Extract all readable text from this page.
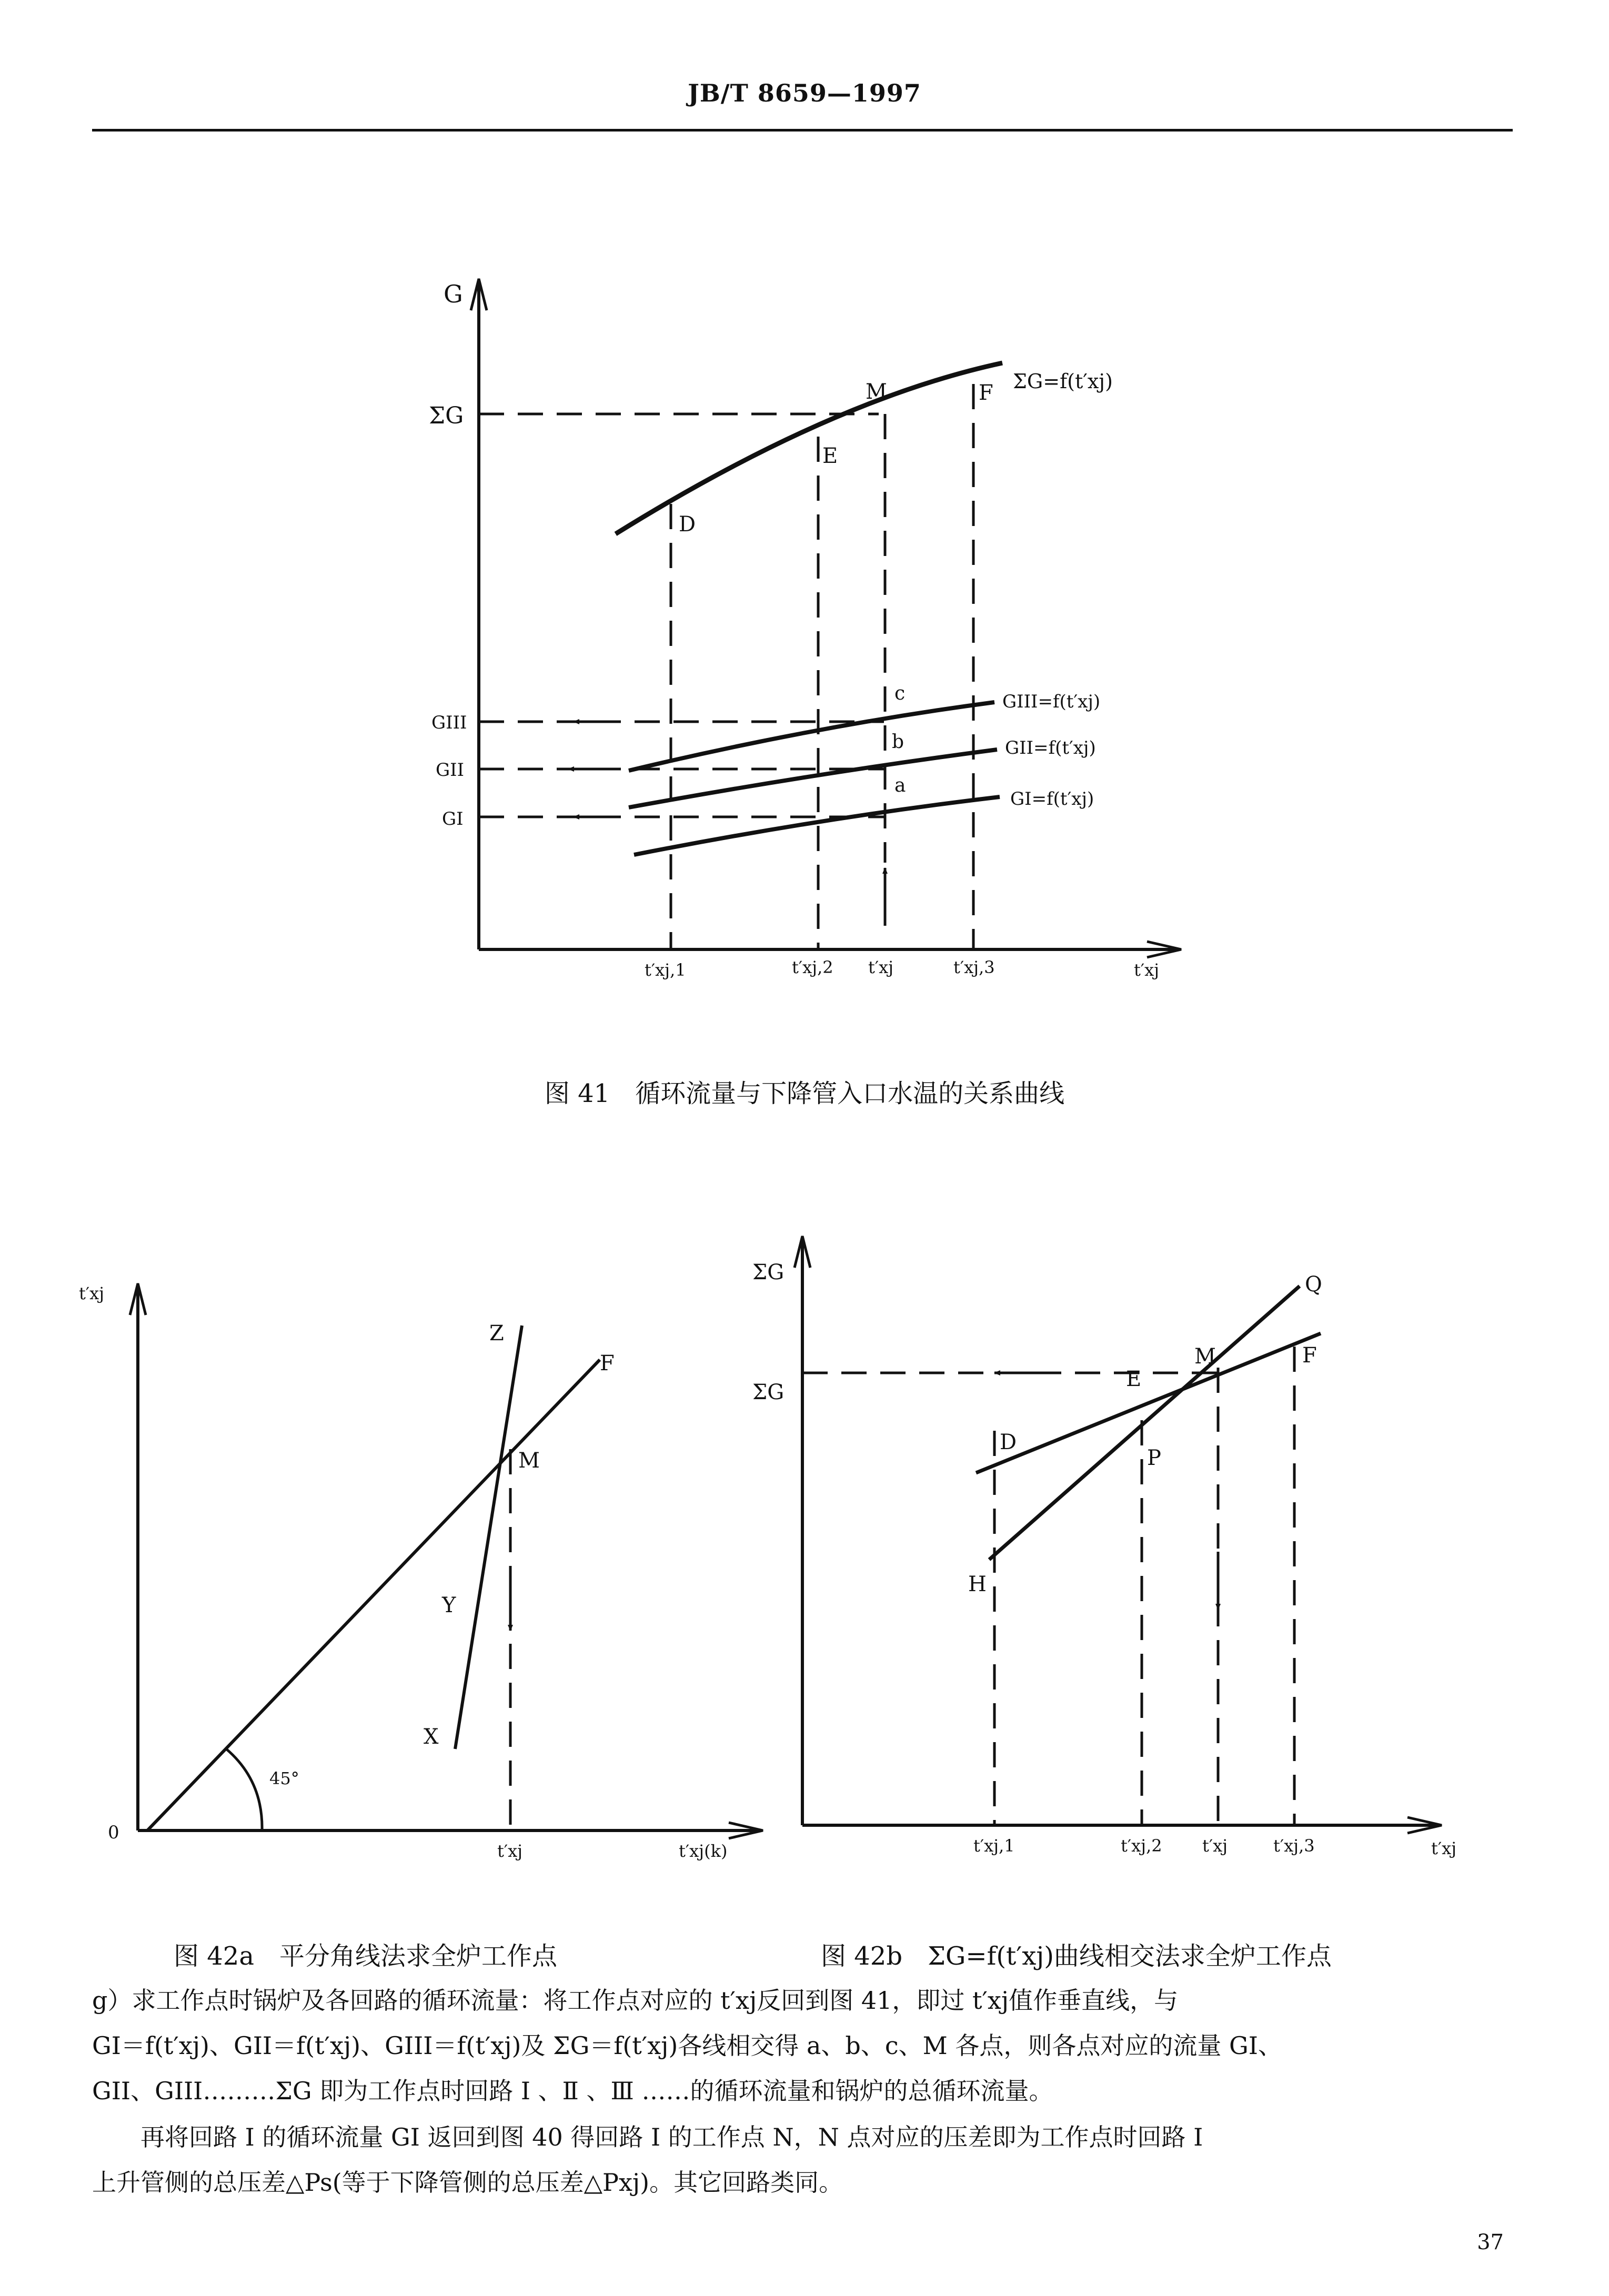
JB/T 8659—1997
G
ΣG
GIII
GII
GI
D
E
M	F
a
b
c
ΣG=f(t′xj)
GIII=f(t′xj)
GII=f(t′xj)
GI=f(t′xj)
t′xj,1	t′xj,2 t′xj	t′xj,3	t′xj
t′xj
0
45°
Z
F
M
Y
X
t′xj	t′xj(k)
ΣG
ΣG
Q
M
E
F
D
P
H
t′xj,1	t′xj,2 t′xj	t′xj,3	t′xj
图 41　循环流量与下降管入口水温的关系曲线
图 42a　平分角线法求全炉工作点	图 42b　ΣG=f(t′xj)曲线相交法求全炉工作点
g）求工作点时锅炉及各回路的循环流量：将工作点对应的 t′xj反回到图 41，即过 t′xj值作垂直线，与
GI＝f(t′xj)、GII＝f(t′xj)、GIII＝f(t′xj)及 ΣG＝f(t′xj)各线相交得 a、b、c、M 各点，则各点对应的流量 GI、
GII、GIII………ΣG 即为工作点时回路 Ⅰ 、Ⅱ 、Ⅲ ……的循环流量和锅炉的总循环流量。
　　再将回路 Ⅰ 的循环流量 GI 返回到图 40 得回路 Ⅰ 的工作点 N，N 点对应的压差即为工作点时回路 Ⅰ
上升管侧的总压差△Ps(等于下降管侧的总压差△Pxj)。其它回路类同。
37
